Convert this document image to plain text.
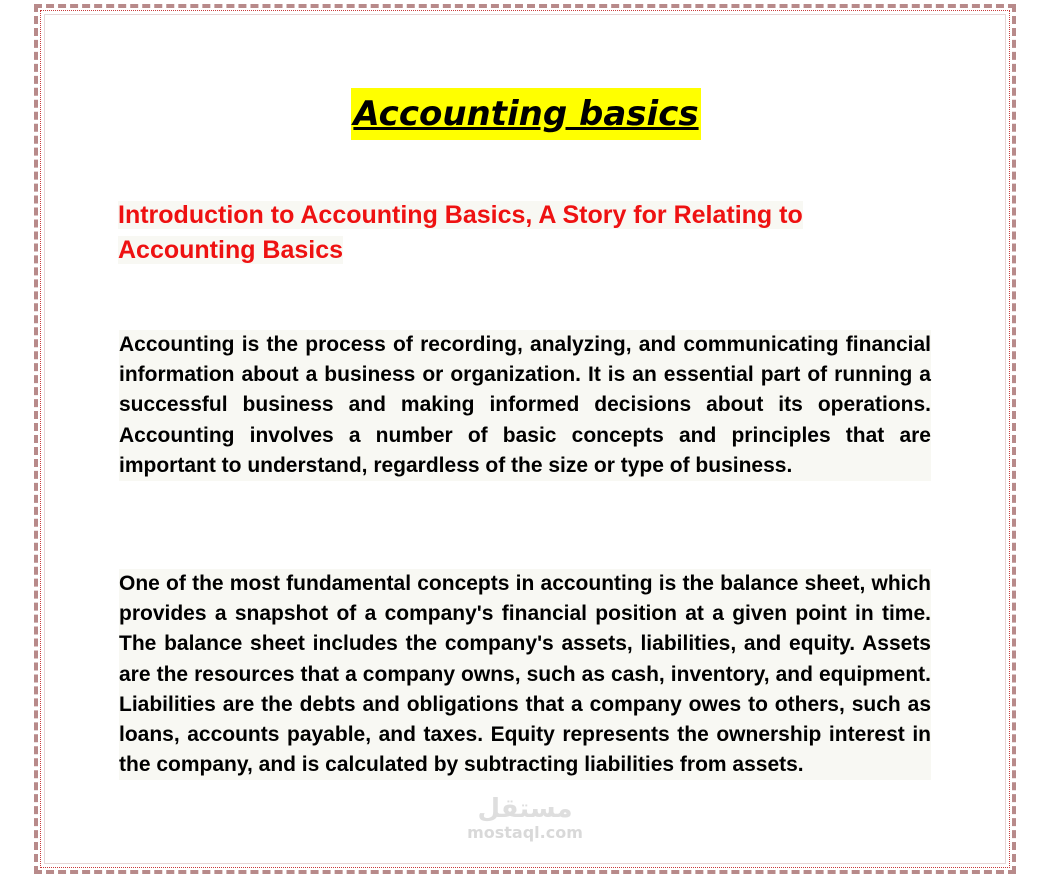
Accounting basics
Introduction to Accounting Basics, A Story for Relating to Accounting Basics

Accounting is the process of recording, analyzing, and communicating financial information about a business or organization. It is an essential part of running a successful business and making informed decisions about its operations. Accounting involves a number of basic concepts and principles that are important to understand, regardless of the size or type of business.

One of the most fundamental concepts in accounting is the balance sheet, which provides a snapshot of a company's financial position at a given point in time. The balance sheet includes the company's assets, liabilities, and equity. Assets are the resources that a company owns, such as cash, inventory, and equipment. Liabilities are the debts and obligations that a company owes to others, such as loans, accounts payable, and taxes. Equity represents the ownership interest in the company, and is calculated by subtracting liabilities from assets.

مستقل
mostaql.com
